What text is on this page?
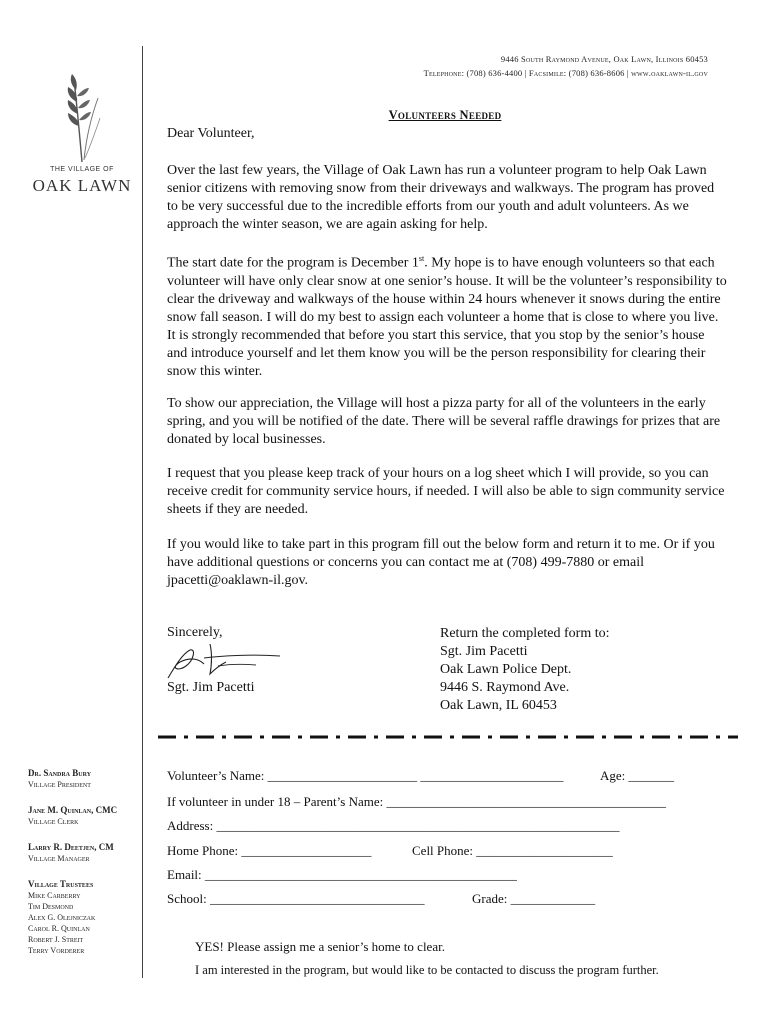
THE VILLAGE OF
OAK LAWN
9446 South Raymond Avenue, Oak Lawn, Illinois 60453
Telephone: (708) 636-4400 | Facsimile: (708) 636-8606 | www.oaklawn-il.gov
Volunteers Needed

Dear Volunteer,

Over the last few years, the Village of Oak Lawn has run a volunteer program to help Oak Lawn senior citizens with removing snow from their driveways and walkways. The program has proved to be very successful due to the incredible efforts from our youth and adult volunteers. As we approach the winter season, we are again asking for help.

The start date for the program is December 1st. My hope is to have enough volunteers so that each volunteer will have only clear snow at one senior’s house. It will be the volunteer’s responsibility to clear the driveway and walkways of the house within 24 hours whenever it snows during the entire snow fall season. I will do my best to assign each volunteer a home that is close to where you live. It is strongly recommended that before you start this service, that you stop by the senior’s house and introduce yourself and let them know you will be the person responsibility for clearing their snow this winter.

To show our appreciation, the Village will host a pizza party for all of the volunteers in the early spring, and you will be notified of the date. There will be several raffle drawings for prizes that are donated by local businesses.

I request that you please keep track of your hours on a log sheet which I will provide, so you can receive credit for community service hours, if needed. I will also be able to sign community service sheets if they are needed.

If you would like to take part in this program fill out the below form and return it to me. Or if you have additional questions or concerns you can contact me at (708) 499-7880 or email jpacetti@oaklawn-il.gov.

Sincerely,
Sgt. Jim Pacetti
Return the completed form to:
Sgt. Jim Pacetti
Oak Lawn Police Dept.
9446 S. Raymond Ave.
Oak Lawn, IL 60453
Dr. Sandra Bury
Village President
Jane M. Quinlan, CMC
Village Clerk
Larry R. Deetjen, CM
Village Manager
Village Trustees
Mike Carberry
Tim Desmond
Alex G. Olejniczak
Carol R. Quinlan
Robert J. Streit
Terry Vorderer
Volunteer’s Name: _______________________ ______________________	Age: _______
If volunteer in under 18 – Parent’s Name: ___________________________________________
Address: ______________________________________________________________
Home Phone: ____________________	Cell Phone: _____________________
Email: ________________________________________________
School: _________________________________	Grade: _____________
YES! Please assign me a senior’s home to clear.
I am interested in the program, but would like to be contacted to discuss the program further.
